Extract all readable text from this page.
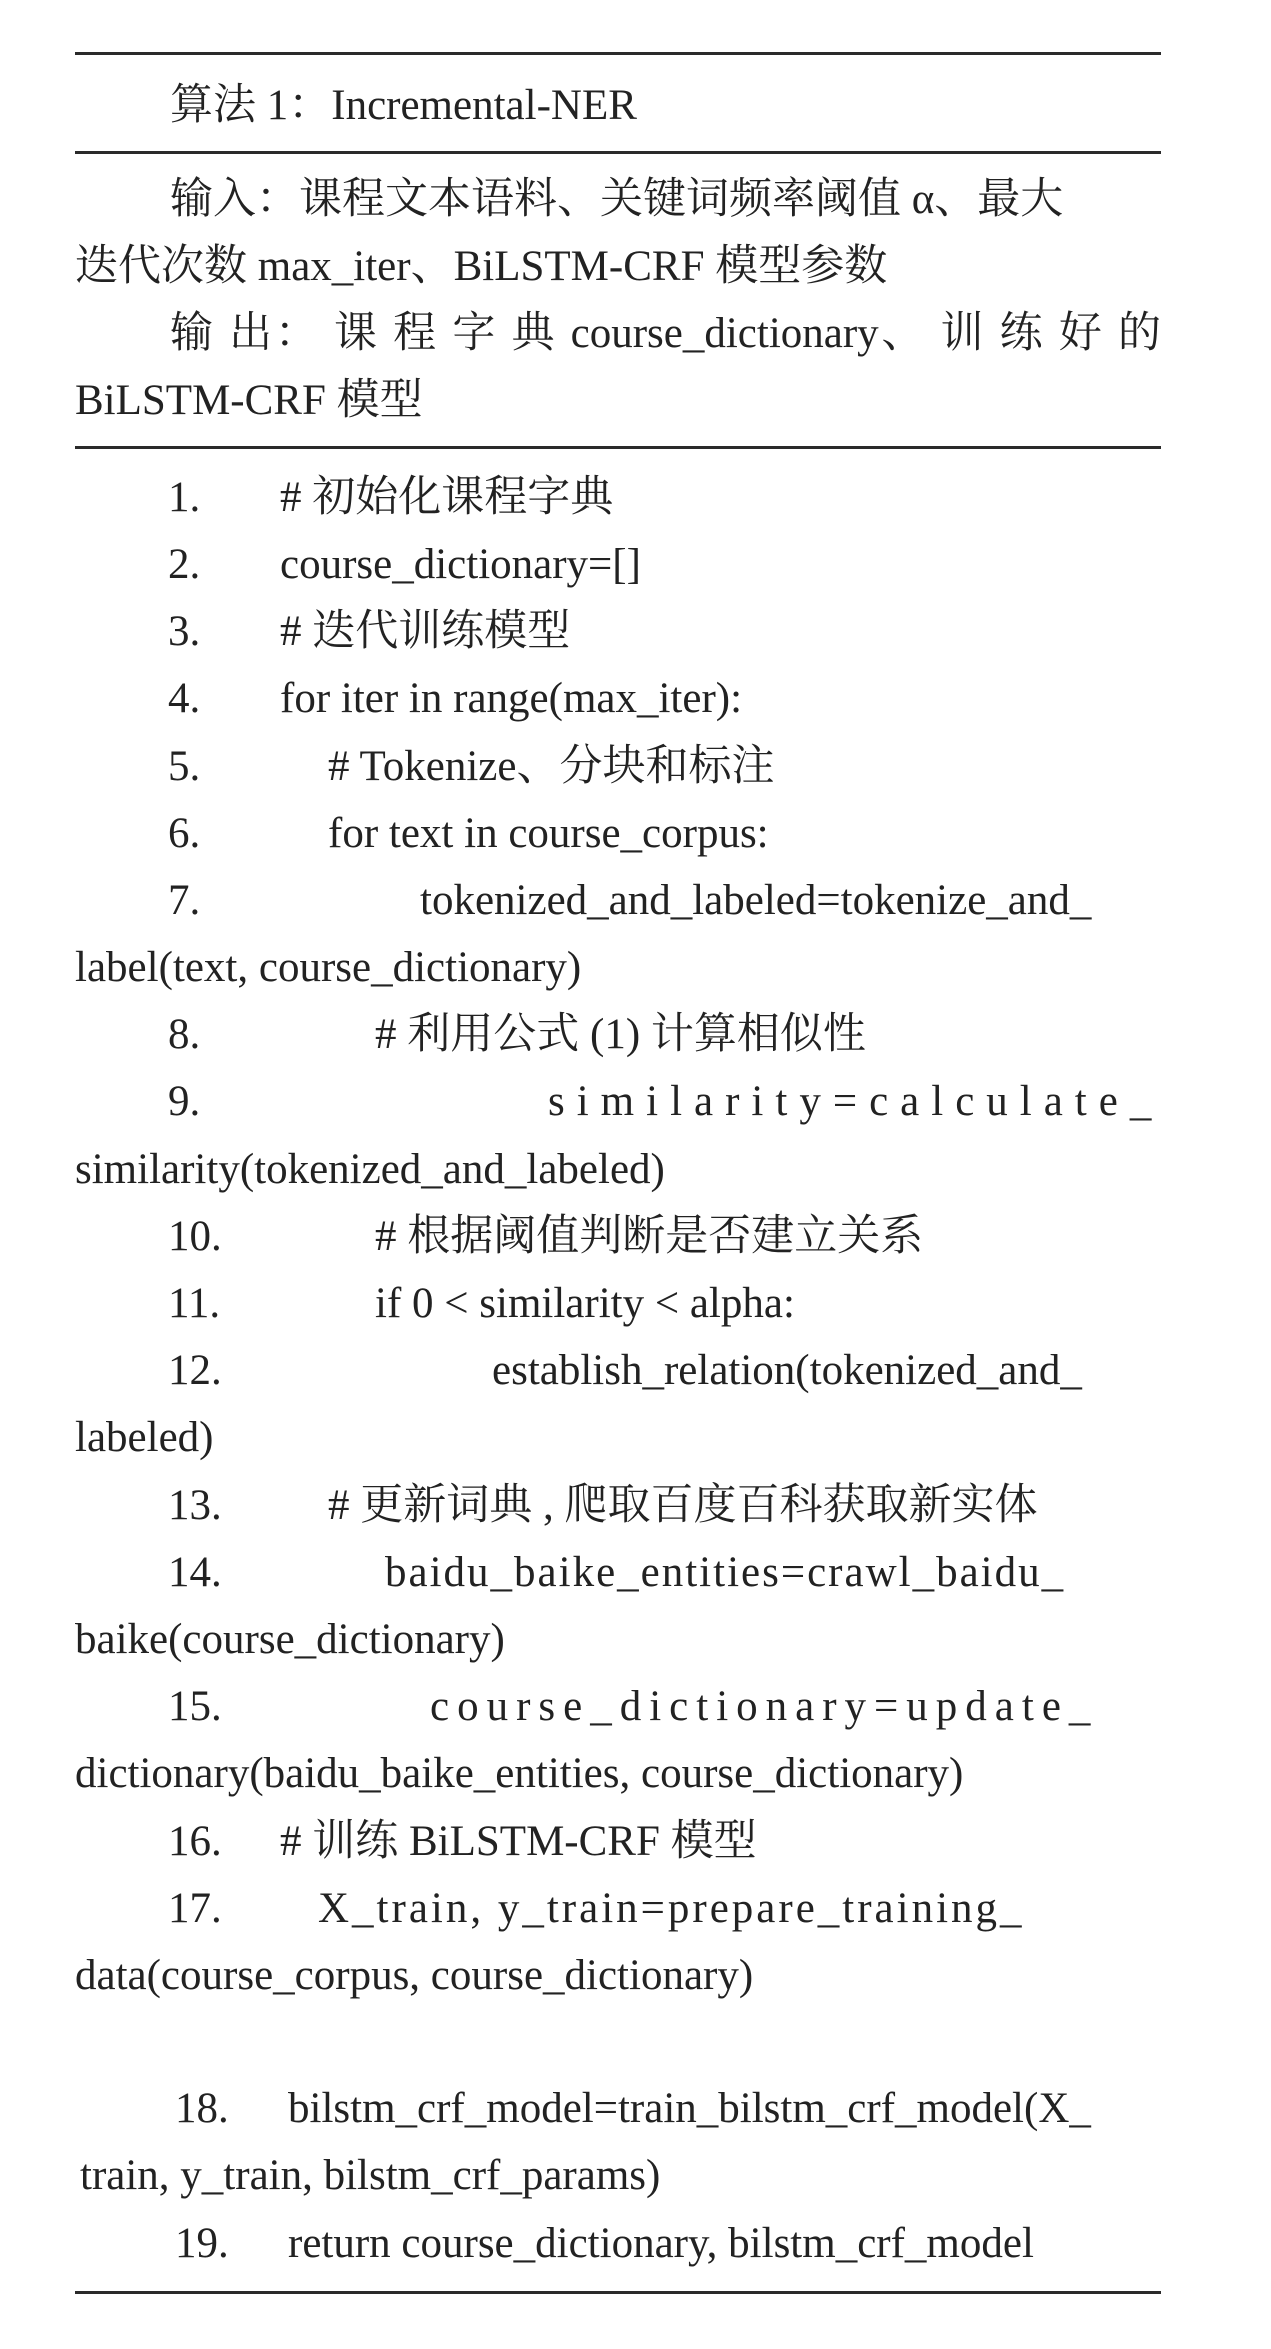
算法 1：Incremental-NER
输入：课程文本语料、关键词频率阈值 α、最大
迭代次数 max_iter、BiLSTM-CRF 模型参数
输 出： 课 程 字 典 course_dictionary、 训 练 好 的
BiLSTM-CRF 模型
1. # 初始化课程字典
2. course_dictionary=[]
3. # 迭代训练模型
4. for iter in range(max_iter):
5.	# Tokenize、分块和标注
6.	for text in course_corpus:
7.	tokenized_and_labeled=tokenize_and_
label(text, course_dictionary)
8.	# 利用公式 (1) 计算相似性
9.	similarity=calculate_
similarity(tokenized_and_labeled)
10.	# 根据阈值判断是否建立关系
11.	if 0 < similarity < alpha:
12.	establish_relation(tokenized_and_
labeled)
13. # 更新词典 , 爬取百度百科获取新实体
14.	baidu_baike_entities=crawl_baidu_
baike(course_dictionary)
15.	course_dictionary=update_
dictionary(baidu_baike_entities, course_dictionary)
16. # 训练 BiLSTM-CRF 模型
17. X_train, y_train=prepare_training_
data(course_corpus, course_dictionary)
18. bilstm_crf_model=train_bilstm_crf_model(X_
train, y_train, bilstm_crf_params)
19. return course_dictionary, bilstm_crf_model
